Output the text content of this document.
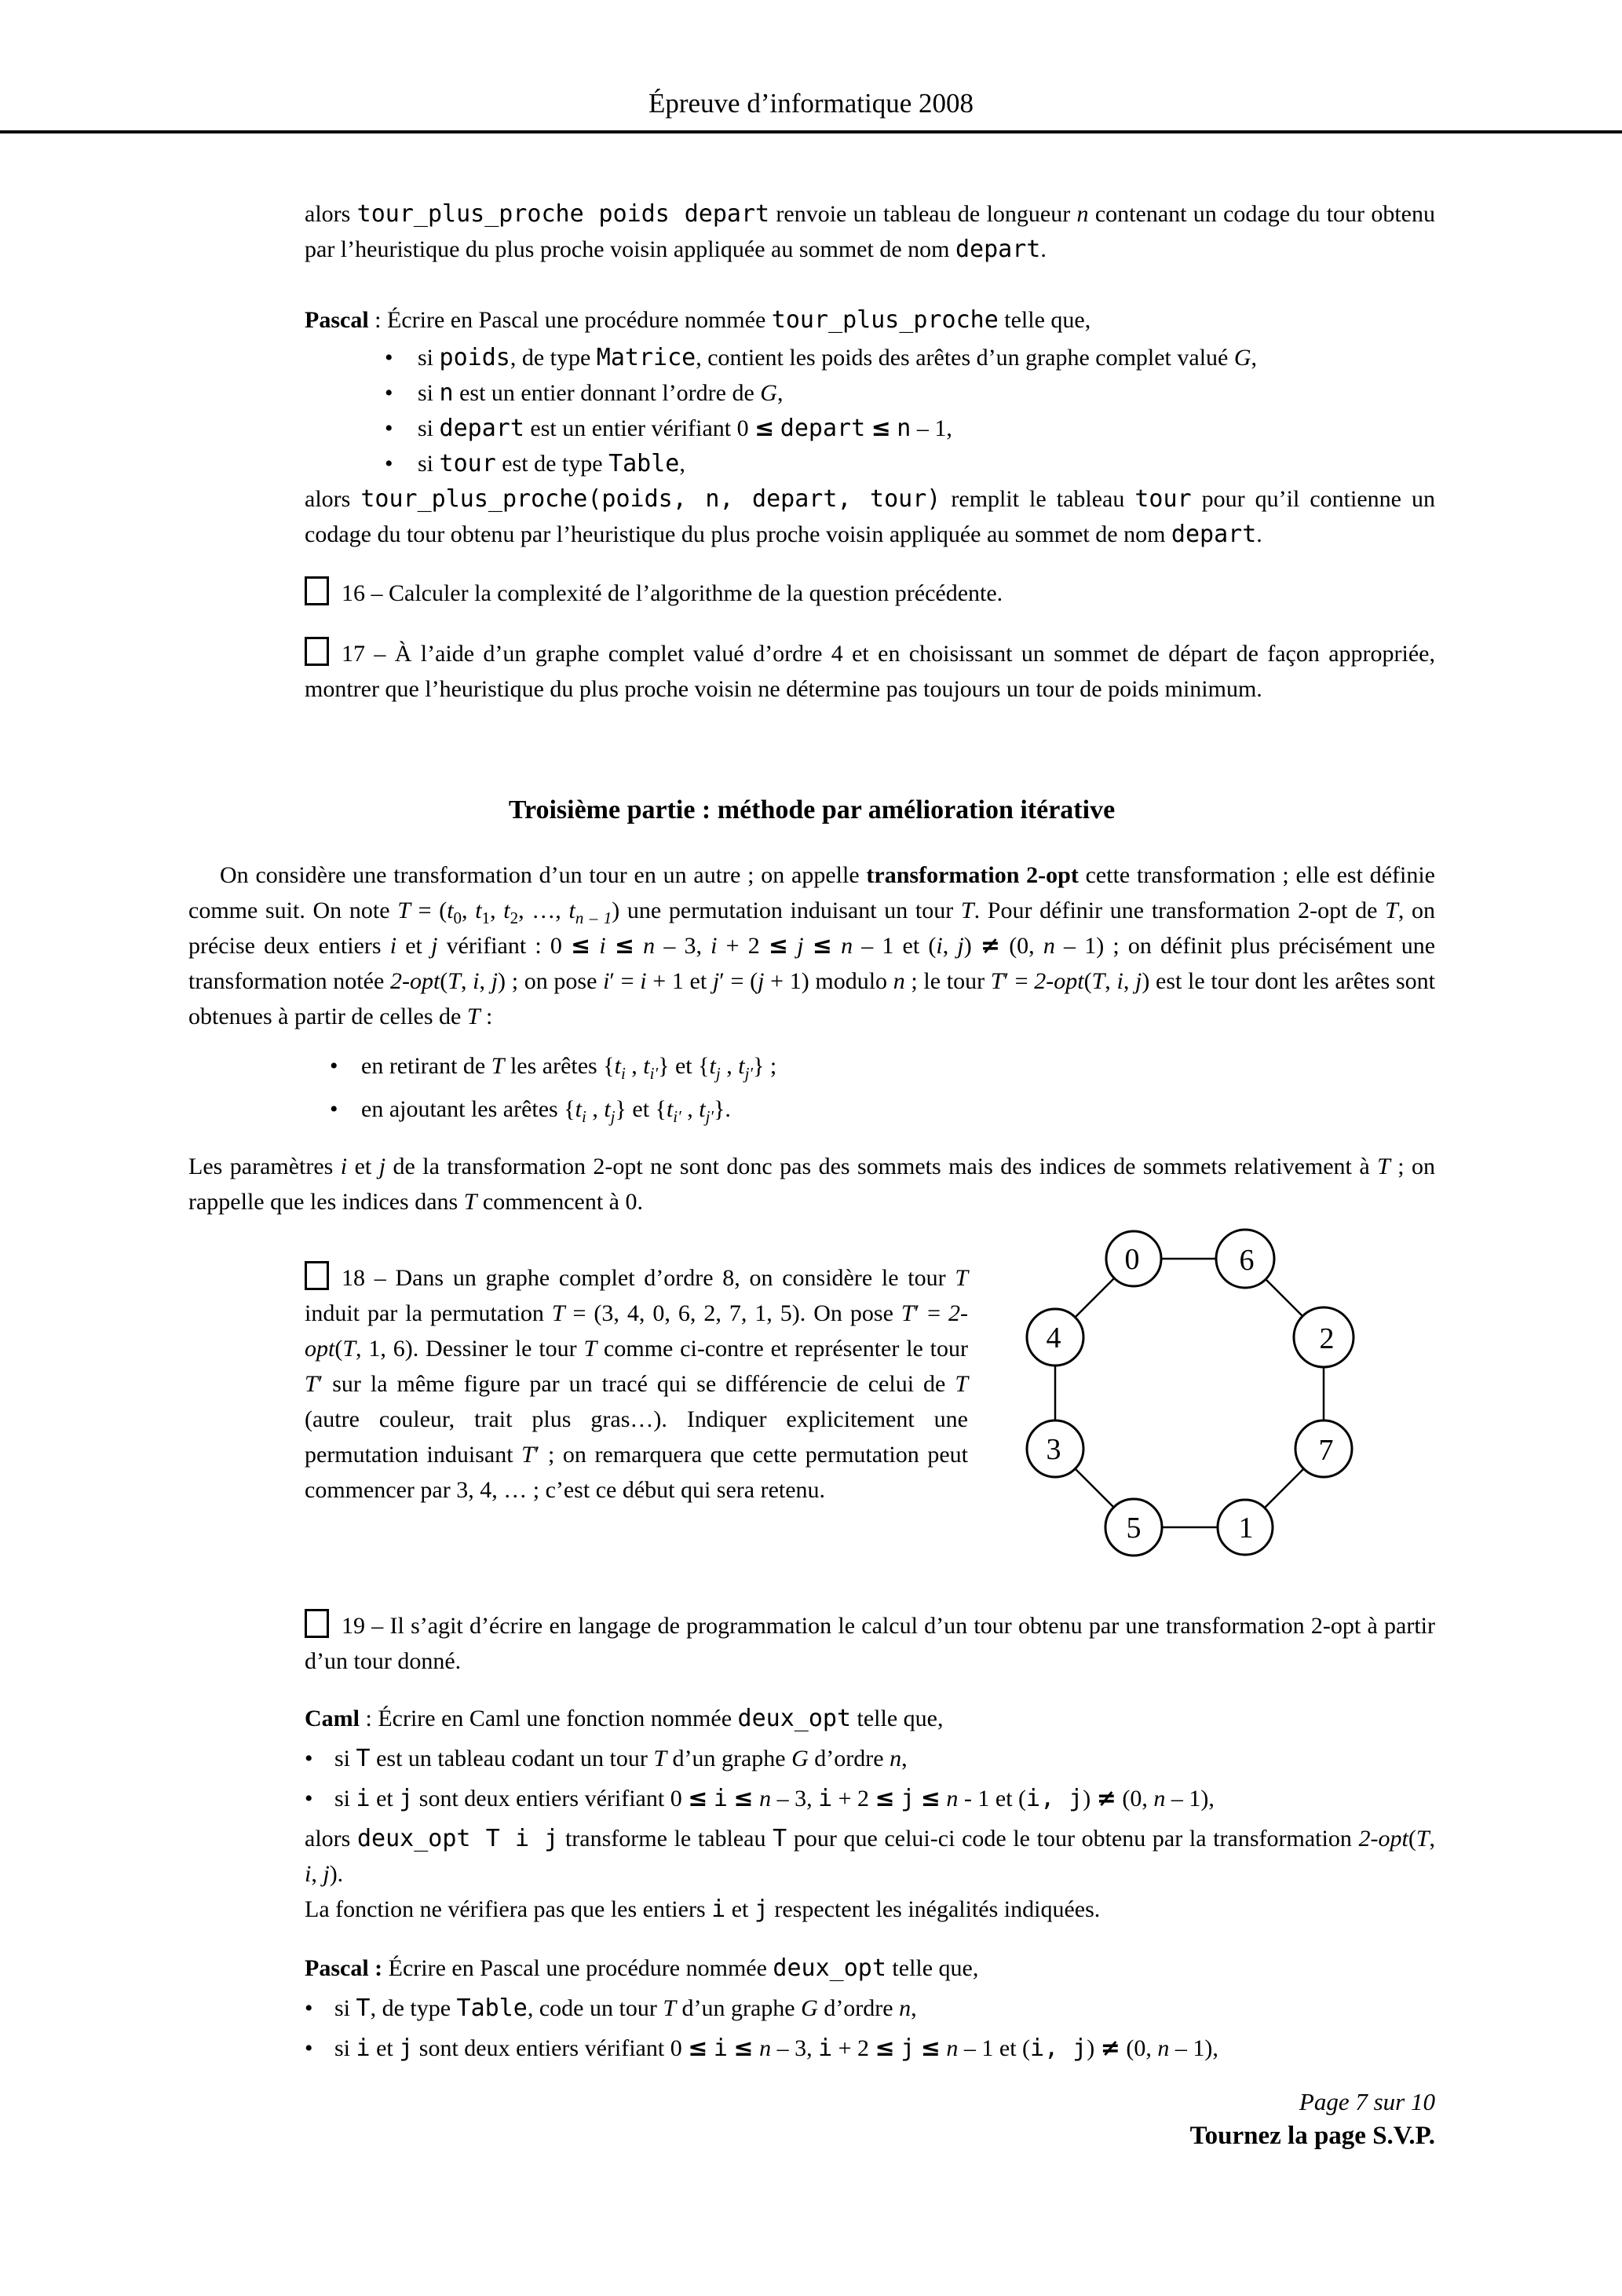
Épreuve d’informatique 2008

alors tour_plus_proche poids depart renvoie un tableau de longueur n contenant un codage du tour obtenu par l’heuristique du plus proche voisin appliquée au sommet de nom depart.

Pascal : Écrire en Pascal une procédure nommée tour_plus_proche telle que,

•	si poids, de type Matrice, contient les poids des arêtes d’un graphe complet valué G,
•	si n est un entier donnant l’ordre de G,
•	si depart est un entier vérifiant 0 ≤ depart ≤ n – 1,
•	si tour est de type Table,

alors tour_plus_proche(poids, n, depart, tour) remplit le tableau tour pour qu’il contienne un codage du tour obtenu par l’heuristique du plus proche voisin appliquée au sommet de nom depart.

16 – Calculer la complexité de l’algorithme de la question précédente.

17 – À l’aide d’un graphe complet valué d’ordre 4 et en choisissant un sommet de départ de façon appropriée, montrer que l’heuristique du plus proche voisin ne détermine pas toujours un tour de poids minimum.

Troisième partie : méthode par amélioration itérative

On considère une transformation d’un tour en un autre ; on appelle transformation 2-opt cette transformation ; elle est définie comme suit. On note $T = (t_0$, $t_1$, $t_2$, …, $t_{n - 1}$) une permutation induisant un tour T. Pour définir une transformation 2-opt de T, on précise deux entiers i et j vérifiant : 0 ≤ i ≤ n – 3, i + 2 ≤ j ≤ n – 1 et (i, j) ≠ (0, n – 1) ; on définit plus précisément une transformation notée 2-opt(T, i, j) ; on pose i′ = i + 1 et j′ = (j + 1) modulo n ; le tour T′ = 2-opt(T, i, j) est le tour dont les arêtes sont obtenues à partir de celles de T :

• en retirant de T les arêtes {$t_i$ , $t_{i'}$} et {$t_j$ , $t_{j'}$} ;
• en ajoutant les arêtes {$t_i$ , $t_j$} et {$t_{i'}$ , $t_{j'}$}.

Les paramètres i et j de la transformation 2-opt ne sont donc pas des sommets mais des indices de sommets relativement à T ; on rappelle que les indices dans T commencent à 0.

18 – Dans un graphe complet d’ordre 8, on considère le tour T induit par la permutation T = (3, 4, 0, 6, 2, 7, 1, 5). On pose T′ = 2-opt(T, 1, 6). Dessiner le tour T comme ci-contre et représenter le tour T′ sur la même figure par un tracé qui se différencie de celui de T (autre couleur, trait plus gras…). Indiquer explicitement une permutation induisant T′ ; on remarquera que cette permutation peut commencer par 3, 4, … ; c’est ce début qui sera retenu.

0	6
4	2
3	7
5	1

19 – Il s’agit d’écrire en langage de programmation le calcul d’un tour obtenu par une transformation 2-opt à partir d’un tour donné.

Caml : Écrire en Caml une fonction nommée deux_opt telle que,

• si T est un tableau codant un tour T d’un graphe G d’ordre n,
• si i et j sont deux entiers vérifiant 0 ≤ i ≤ n – 3, i + 2 ≤ j ≤ n - 1 et (i, j) ≠ (0, n – 1),

alors deux_opt T i j transforme le tableau T pour que celui-ci code le tour obtenu par la transformation 2-opt(T, i, j).

La fonction ne vérifiera pas que les entiers i et j respectent les inégalités indiquées.

Pascal : Écrire en Pascal une procédure nommée deux_opt telle que,

• si T, de type Table, code un tour T d’un graphe G d’ordre n,
• si i et j sont deux entiers vérifiant 0 ≤ i ≤ n – 3, i + 2 ≤ j ≤ n – 1 et (i, j) ≠ (0, n – 1),
Page 7 sur 10
Tournez la page S.V.P.
